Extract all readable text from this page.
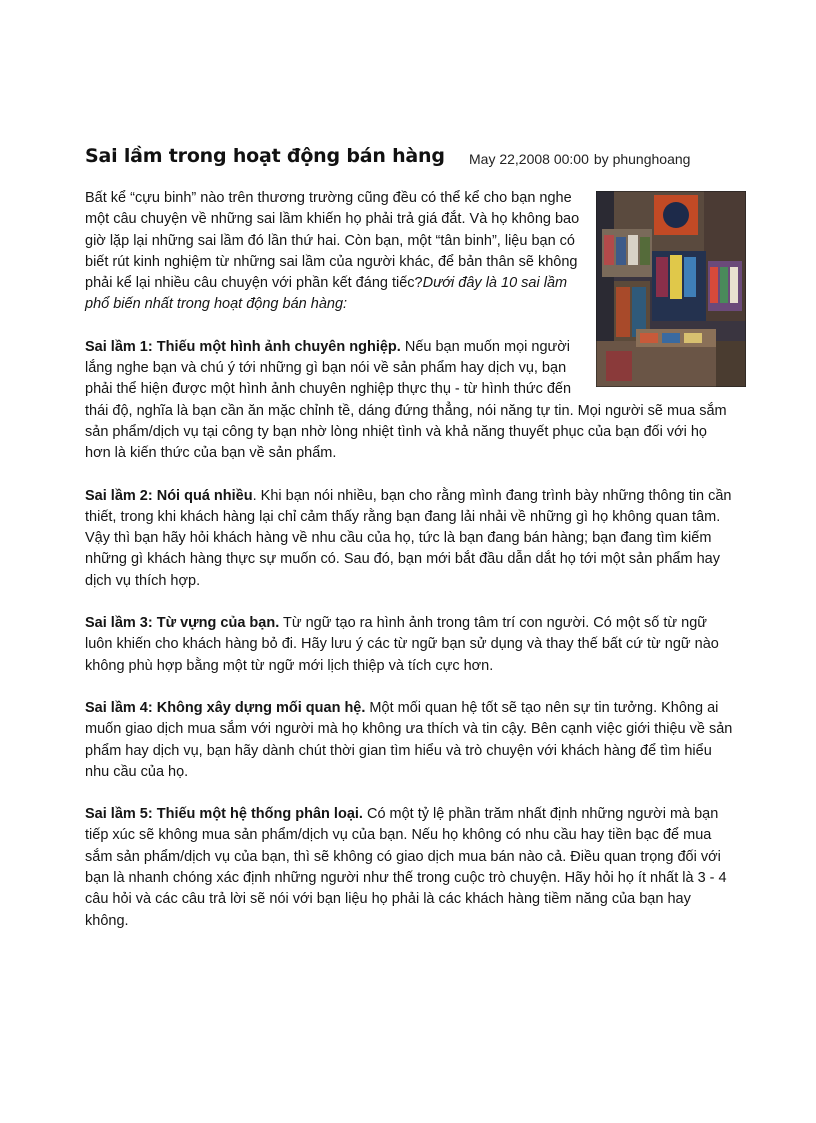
Sai lầm trong hoạt động bán hàng May 22,2008 00:00 by phunghoang

Bất kể “cựu binh” nào trên thương trường cũng đều có thể kể cho bạn nghe một câu chuyện về những sai lầm khiến họ phải trả giá đắt. Và họ không bao giờ lặp lại những sai lầm đó lần thứ hai. Còn bạn, một “tân binh”, liệu bạn có biết rút kinh nghiệm từ những sai lầm của người khác, để bản thân sẽ không phải kể lại nhiều câu chuyện với phần kết đáng tiếc?Dưới đây là 10 sai lầm phổ biến nhất trong hoạt động bán hàng:

Sai lầm 1: Thiếu một hình ảnh chuyên nghiệp. Nếu bạn muốn mọi người lắng nghe bạn và chú ý tới những gì bạn nói về sản phẩm hay dịch vụ, bạn phải thể hiện được một hình ảnh chuyên nghiệp thực thụ - từ hình thức đến thái độ, nghĩa là bạn cần ăn mặc chỉnh tề, dáng đứng thẳng, nói năng tự tin. Mọi người sẽ mua sắm sản phẩm/dịch vụ tại công ty bạn nhờ lòng nhiệt tình và khả năng thuyết phục của bạn đối với họ hơn là kiến thức của bạn về sản phẩm.

Sai lầm 2: Nói quá nhiều. Khi bạn nói nhiều, bạn cho rằng mình đang trình bày những thông tin cần thiết, trong khi khách hàng lại chỉ cảm thấy rằng bạn đang lải nhải về những gì họ không quan tâm. Vậy thì bạn hãy hỏi khách hàng về nhu cầu của họ, tức là bạn đang bán hàng; bạn đang tìm kiếm những gì khách hàng thực sự muốn có. Sau đó, bạn mới bắt đầu dẫn dắt họ tới một sản phẩm hay dịch vụ thích hợp.

Sai lầm 3: Từ vựng của bạn. Từ ngữ tạo ra hình ảnh trong tâm trí con người. Có một số từ ngữ luôn khiến cho khách hàng bỏ đi. Hãy lưu ý các từ ngữ bạn sử dụng và thay thế bất cứ từ ngữ nào không phù hợp bằng một từ ngữ mới lịch thiệp và tích cực hơn.

Sai lầm 4: Không xây dựng mối quan hệ. Một mối quan hệ tốt sẽ tạo nên sự tin tưởng. Không ai muốn giao dịch mua sắm với người mà họ không ưa thích và tin cậy. Bên cạnh việc giới thiệu về sản phẩm hay dịch vụ, bạn hãy dành chút thời gian tìm hiểu và trò chuyện với khách hàng để tìm hiểu nhu cầu của họ.

Sai lầm 5: Thiếu một hệ thống phân loại. Có một tỷ lệ phần trăm nhất định những người mà bạn tiếp xúc sẽ không mua sản phẩm/dịch vụ của bạn. Nếu họ không có nhu cầu hay tiền bạc để mua sắm sản phẩm/dịch vụ của bạn, thì sẽ không có giao dịch mua bán nào cả. Điều quan trọng đối với bạn là nhanh chóng xác định những người như thế trong cuộc trò chuyện. Hãy hỏi họ ít nhất là 3 - 4 câu hỏi và các câu trả lời sẽ nói với bạn liệu họ phải là các khách hàng tiềm năng của bạn hay không.
